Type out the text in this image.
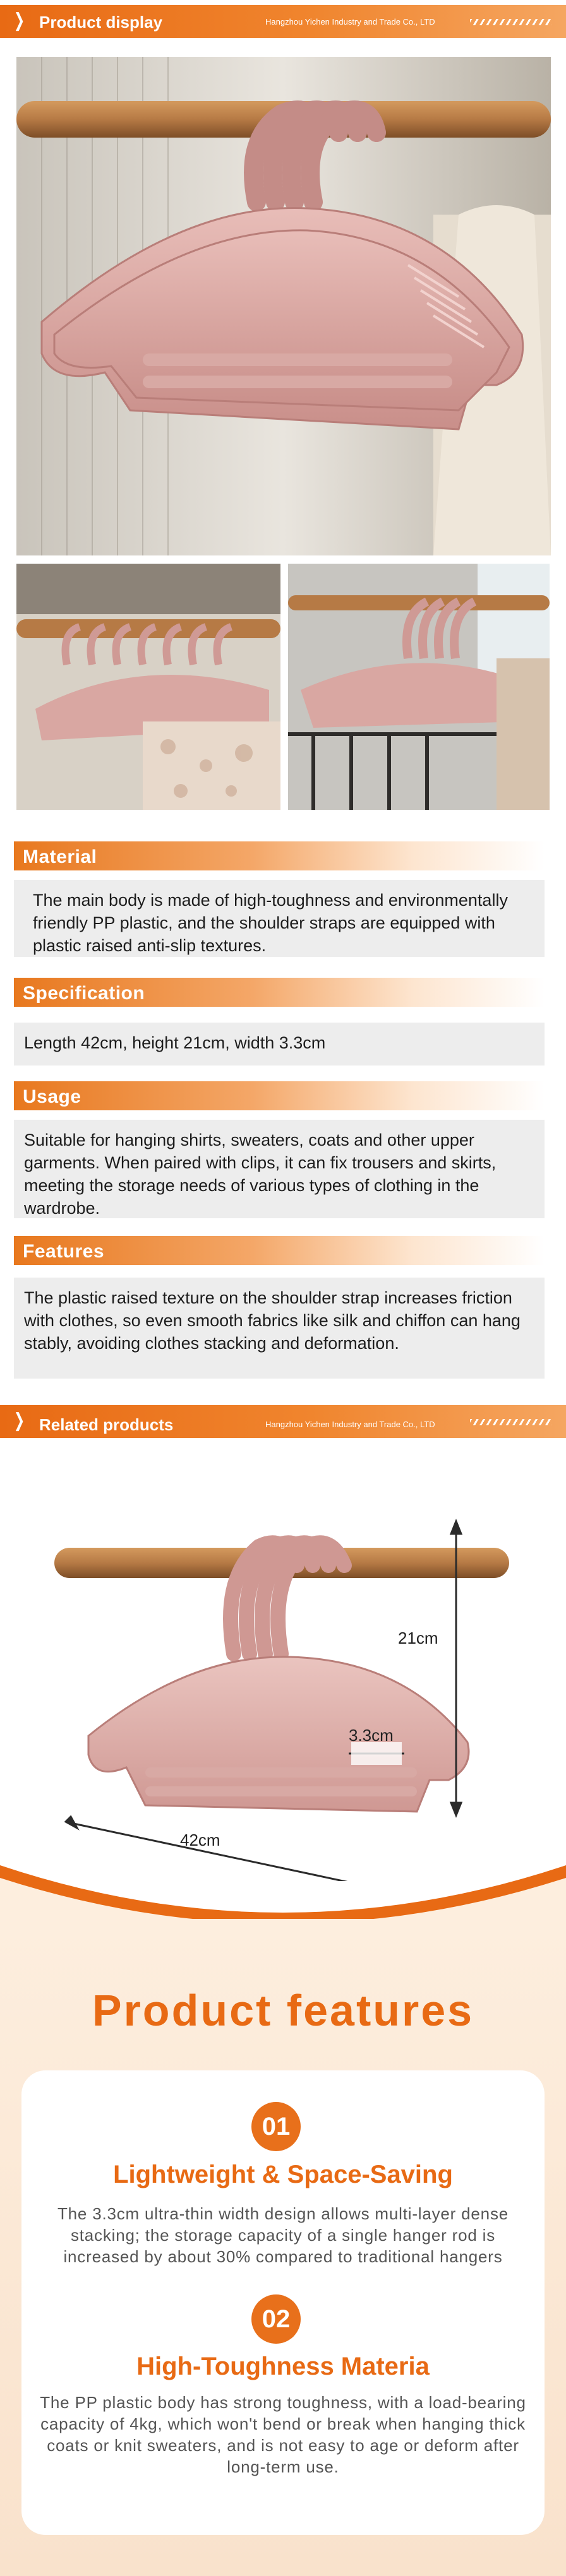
❯ Product display	Hangzhou Yichen Industry and Trade Co., LTD
Material
The main body is made of high-toughness and environmentally friendly PP plastic, and the shoulder straps are equipped with plastic raised anti-slip textures.
Specification
Length 42cm, height 21cm, width 3.3cm
Usage
Suitable for hanging shirts, sweaters, coats and other upper garments. When paired with clips, it can fix trousers and skirts, meeting the storage needs of various types of clothing in the wardrobe.
Features
The plastic raised texture on the shoulder strap increases friction with clothes, so even smooth fabrics like silk and chiffon can hang stably, avoiding clothes stacking and deformation.
❯ Related products	Hangzhou Yichen Industry and Trade Co., LTD
21cm
3.3cm
42cm
Product features
01
Lightweight & Space-Saving
The 3.3cm ultra-thin width design allows multi-layer dense stacking; the storage capacity of a single hanger rod is increased by about 30% compared to traditional hangers
02
High-Toughness Materia
The PP plastic body has strong toughness, with a load-bearing capacity of 4kg, which won't bend or break when hanging thick coats or knit sweaters, and is not easy to age or deform after long-term use.
